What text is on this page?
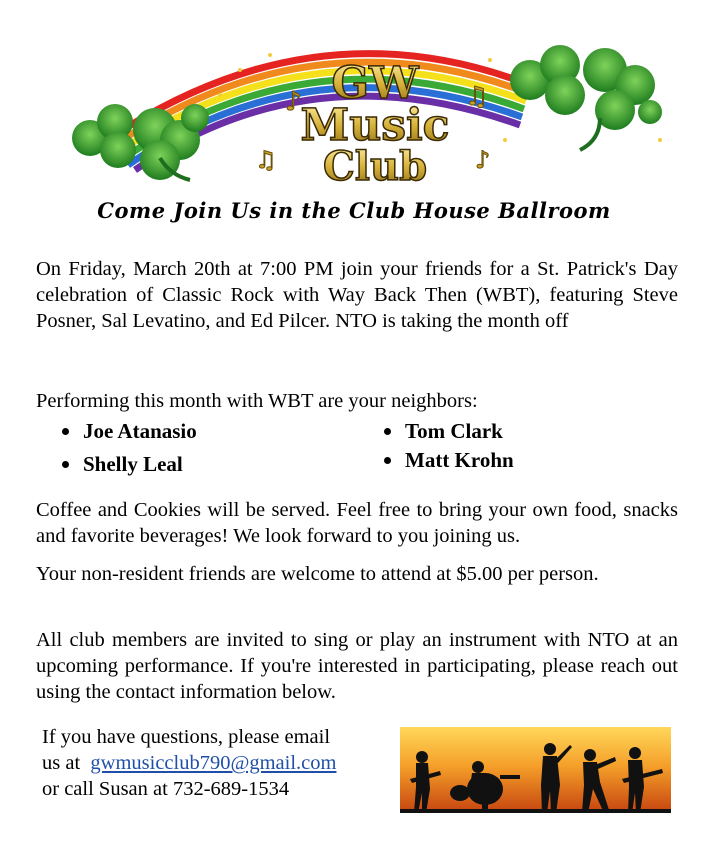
♪	♫
♫	♪
GW
Music
Club
Come Join Us in the Club House Ballroom

On Friday, March 20th at 7:00 PM join your friends for a St. Patrick's Day celebration of Classic Rock with Way Back Then (WBT), featuring Steve Posner, Sal Levatino, and Ed Pilcer. NTO is taking the month off

Performing this month with WBT are your neighbors:

Joe Atanasio
Shelly Leal
Tom Clark
Matt Krohn

Coffee and Cookies will be served. Feel free to bring your own food, snacks and favorite beverages! We look forward to you joining us.

Your non-resident friends are welcome to attend at $5.00 per person.

All club members are invited to sing or play an instrument with NTO at an upcoming performance. If you're interested in participating, please reach out using the contact information below.

If you have questions, please email
us at gwmusicclub790@gmail.com
or call Susan at 732-689-1534
